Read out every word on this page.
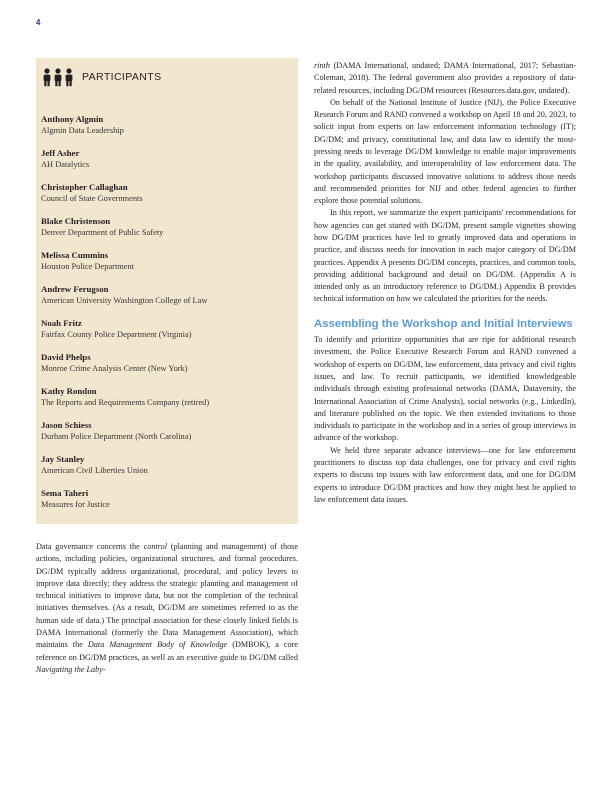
4
PARTICIPANTS
Anthony Algmin
Algmin Data Leadership
Jeff Asher
AH Datalytics
Christopher Callaghan
Council of State Governments
Blake Christenson
Denver Department of Public Safety
Melissa Cummins
Houston Police Department
Andrew Ferugson
American University Washington College of Law
Noah Fritz
Fairfax County Police Department (Virginia)
David Phelps
Monroe Crime Analysis Center (New York)
Kathy Rondon
The Reports and Requirements Company (retired)
Jason Schiess
Durham Police Department (North Carolina)
Jay Stanley
American Civil Liberties Union
Sema Taheri
Measures for Justice

Data governance concerns the control (planning and management) of those actions, including policies, organizational structures, and formal procedures. DG/DM typically address organizational, procedural, and policy levers to improve data directly; they address the strategic planning and management of technical initiatives to improve data, but not the completion of the technical initiatives themselves. (As a result, DG/DM are sometimes referred to as the human side of data.) The principal association for these closely linked fields is DAMA International (formerly the Data Management Association), which maintains the Data Management Body of Knowledge (DMBOK), a core reference on DG/DM practices, as well as an executive guide to DG/DM called Navigating the Laby-

rinth (DAMA International, undated; DAMA International, 2017; Sebastian-Coleman, 2018). The federal government also provides a repository of data-related resources, including DG/DM resources (Resources.data.gov, undated).

On behalf of the National Institute of Justice (NIJ), the Police Executive Research Forum and RAND convened a workshop on April 18 and 20, 2023, to solicit input from experts on law enforcement information technology (IT); DG/DM; and privacy, constitutional law, and data law to identify the most-pressing needs to leverage DG/DM knowledge to enable major improvements in the quality, availability, and interoperability of law enforcement data. The workshop participants discussed innovative solutions to address those needs and recommended priorities for NIJ and other federal agencies to further explore those potential solutions.

In this report, we summarize the expert participants' recommendations for how agencies can get started with DG/DM, present sample vignettes showing how DG/DM practices have led to greatly improved data and operations in practice, and discuss needs for innovation in each major category of DG/DM practices. Appendix A presents DG/DM concepts, practices, and common tools, providing additional background and detail on DG/DM. (Appendix A is intended only as an introductory reference to DG/DM.) Appendix B provides technical information on how we calculated the priorities for the needs.

Assembling the Workshop and Initial Interviews

To identify and prioritize opportunities that are ripe for additional research investment, the Police Executive Research Forum and RAND convened a workshop of experts on DG/DM, law enforcement, data privacy and civil rights issues, and law. To recruit participants, we identified knowledgeable individuals through existing professional networks (DAMA, Dataversity, the International Association of Crime Analysts), social networks (e.g., LinkedIn), and literature published on the topic. We then extended invitations to those individuals to participate in the workshop and in a series of group interviews in advance of the workshop.

We held three separate advance interviews—one for law enforcement practitioners to discuss top data challenges, one for privacy and civil rights experts to discuss top issues with law enforcement data, and one for DG/DM experts to introduce DG/DM practices and how they might best be applied to law enforcement data issues.
